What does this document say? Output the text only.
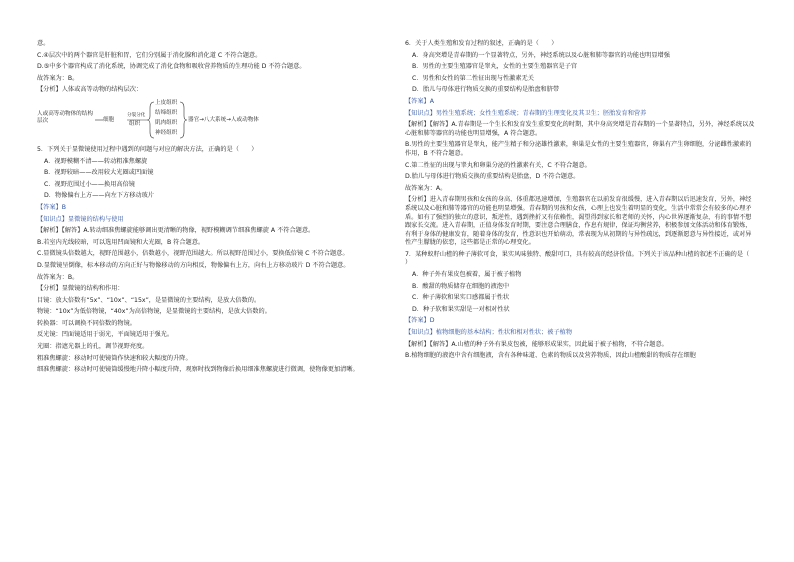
意。

C.④层次中的两个器官是肝脏和胃，它们分别属于消化腺和消化道 C 不符合题意。

D.⑤中多个器官构成了消化系统，协调完成了消化食物和吸收营养物质的生理功能 D 不符合题意。

故答案为：B。

【分析】人体或高等动物的结构层次：

人或高等动物体的结构层次	细胞
分裂分化
组织
上皮组织
结缔组织
肌肉组织
神经组织
器官→八大系统→人或动物体

5．下列关于显微镜使用过程中遇到的问题与对应的解决方法，正确的是（　　）

A．视野模糊不清——转动粗准焦螺旋

B．视野较暗——改用较大光圈或凹面镜

C．视野范围过小——换用高倍镜

D．物像偏右上方——向左下方移动玻片

【答案】B

【知识点】显微镜的结构与使用

【解析】【解答】A.转动细准焦螺旋能够调出更清晰的物像，视野模糊调节细准焦螺旋 A 不符合题意。

B.若室内光线较暗，可以选用凹面镜和大光圈，B 符合题意。

C.显微镜头倍数越大，视野范围越小，倍数越小，视野范围越大。所以视野范围过小，要换低倍镜 C 不符合题意。

D.显微镜呈倒像，标本移动的方向正好与物像移动的方向相反，物像偏右上方，向右上方移动玻片 D 不符合题意。

故答案为：B。

【分析】显微镜的结构和作用：

目镜：放大倍数有“5x”、“10x”、“15x”，是显微镜的主要结构，是放大倍数的。

物镜：“10x”为低倍物镜，“40x”为高倍物镜，是显微镜的主要结构，是放大倍数的。

转换器：可以调换不同倍数的物镜。

反光镜：凹面镜适用于弱光，平面镜适用于强光。

光圈：指遮光器上的孔，调节视野亮度。

粗准焦螺旋：移动时可使镜筒作快速和较大幅度的升降。

细准焦螺旋：移动时可使镜筒缓慢地升降小幅度升降，观察时找到物像后换用细准焦螺旋进行微调，使物像更加清晰。

6．关于人类生殖和发育过程的叙述，正确的是（　　）

A．身高突增是青春期的一个显著特点，另外，神经系统以及心脏和肺等器官的功能也明显增强

B．男性的主要生殖器官是睾丸，女性的主要生殖器官是子宫

C．男性和女性的第二性征出现与性激素无关

D．胎儿与母体进行物质交换的重要结构是胎盘和脐带

【答案】A

【知识点】男性生殖系统；女性生殖系统；青春期的生理变化及其卫生；胚胎发育和营养

【解析】【解答】A.青春期是一个生长和发育发生重要变化的时期，其中身高突增是青春期的一个显著特点，另外，神经系统以及心脏和肺等器官的功能也明显增强，A 符合题意。

B.男性的主要生殖器官是睾丸，能产生精子和分泌雄性激素，卵巢是女性的主要生殖器官，卵巢有产生卵细胞，分泌雌性激素的作用，B 不符合题意。

C.第二性征的出现与睾丸和卵巢分泌的性激素有关，C 不符合题意。

D.胎儿与母体进行物质交换的重要结构是胎盘，D 不符合题意。

故答案为：A。

【分析】进入青春期男孩和女孩的身高、体重都迅速增加，生殖器官在以前发育很缓慢，进入青春期以后迅速发育，另外，神经系统以及心脏和肺等器官的功能也明显增强。青春期的男孩和女孩，心理上也发生着明显的变化，生活中常常会有较多的心理矛盾。如有了强烈的独立的意识，叛逆性，遇到挫折又有依赖性，渴望得到家长和老师的关怀，内心世界逐渐复杂，有的事情不想跟家长交流。进入青春期，正值身体发育时期，要注意合理膳食，作息有规律，保证均衡营养，积极参加文体活动和体育锻炼，有利于身体的健康发育，随着身体的发育，性意识也开始萌动，常表现为从初期的与异性疏远，到逐渐愿意与异性接近，或对异性产生朦胧的依恋，这些都是正常的心理变化。

7．某种蚁籽山楂的种子薄软可食，果实风味独特、酸甜可口，具有较高的经济价值。下列关于该品种山楂的叙述不正确的是（　　）

A．种子外有果皮包被着，属于被子植物

B．酸甜的物质储存在细胞的液泡中

C．种子薄软和果实口感都属于性状

D．种子软和果实甜是一对相对性状

【答案】D

【知识点】植物细胞的基本结构；性状和相对性状；被子植物

【解析】【解答】A.山楂的种子外有果皮包被，能够形成果实，因此属于被子植物，不符合题意。

B.植物细胞的液泡中含有细胞液，含有各种味道、色素的物质以及营养物质，因此山楂酸甜的物质存在细胞
